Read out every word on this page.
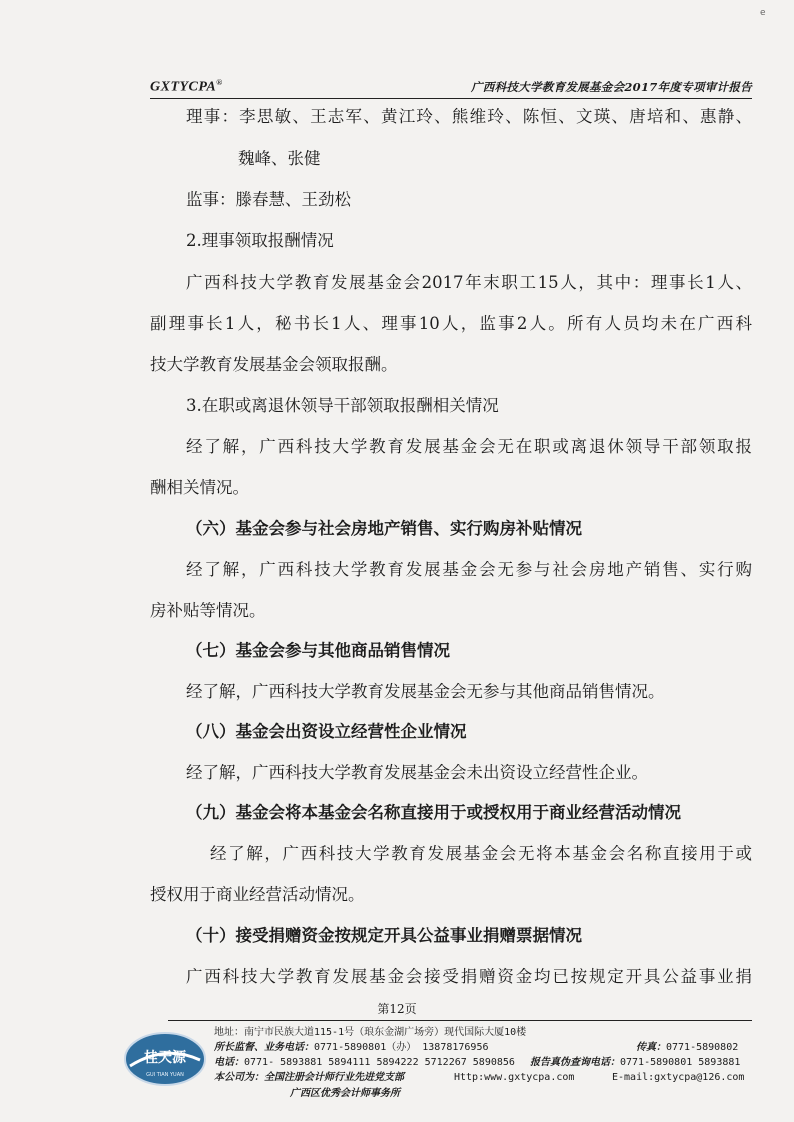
e
GXTYCPA®	广西科技大学教育发展基金会2017年度专项审计报告
理事：李思敏、王志军、黄江玲、熊维玲、陈恒、文瑛、唐培和、惠静、
魏峰、张健
监事：滕春慧、王劲松
2.理事领取报酬情况
广西科技大学教育发展基金会2017年末职工15人，其中：理事长1人、
副理事长1人，秘书长1人、理事10人，监事2人。所有人员均未在广西科
技大学教育发展基金会领取报酬。
3.在职或离退休领导干部领取报酬相关情况
经了解，广西科技大学教育发展基金会无在职或离退休领导干部领取报
酬相关情况。
（六）基金会参与社会房地产销售、实行购房补贴情况
经了解，广西科技大学教育发展基金会无参与社会房地产销售、实行购
房补贴等情况。
（七）基金会参与其他商品销售情况
经了解，广西科技大学教育发展基金会无参与其他商品销售情况。
（八）基金会出资设立经营性企业情况
经了解，广西科技大学教育发展基金会未出资设立经营性企业。
（九）基金会将本基金会名称直接用于或授权用于商业经营活动情况
经了解，广西科技大学教育发展基金会无将本基金会名称直接用于或
授权用于商业经营活动情况。
（十）接受捐赠资金按规定开具公益事业捐赠票据情况
广西科技大学教育发展基金会接受捐赠资金均已按规定开具公益事业捐
第12页
桂天源
GUI TIAN YUAN
地址：南宁市民族大道115-1号（琅东金湖广场旁）现代国际大厦10楼
所长监督、业务电话：0771-5890801（办） 13878176956	传真：0771-5890802
电话：0771- 5893881 5894111 5894222 5712267 5890856 报告真伪查询电话：0771-5890801 5893881
本公司为：全国注册会计师行业先进党支部	Http:www.gxtycpa.com	E-mail:gxtycpa@126.com
广西区优秀会计师事务所
